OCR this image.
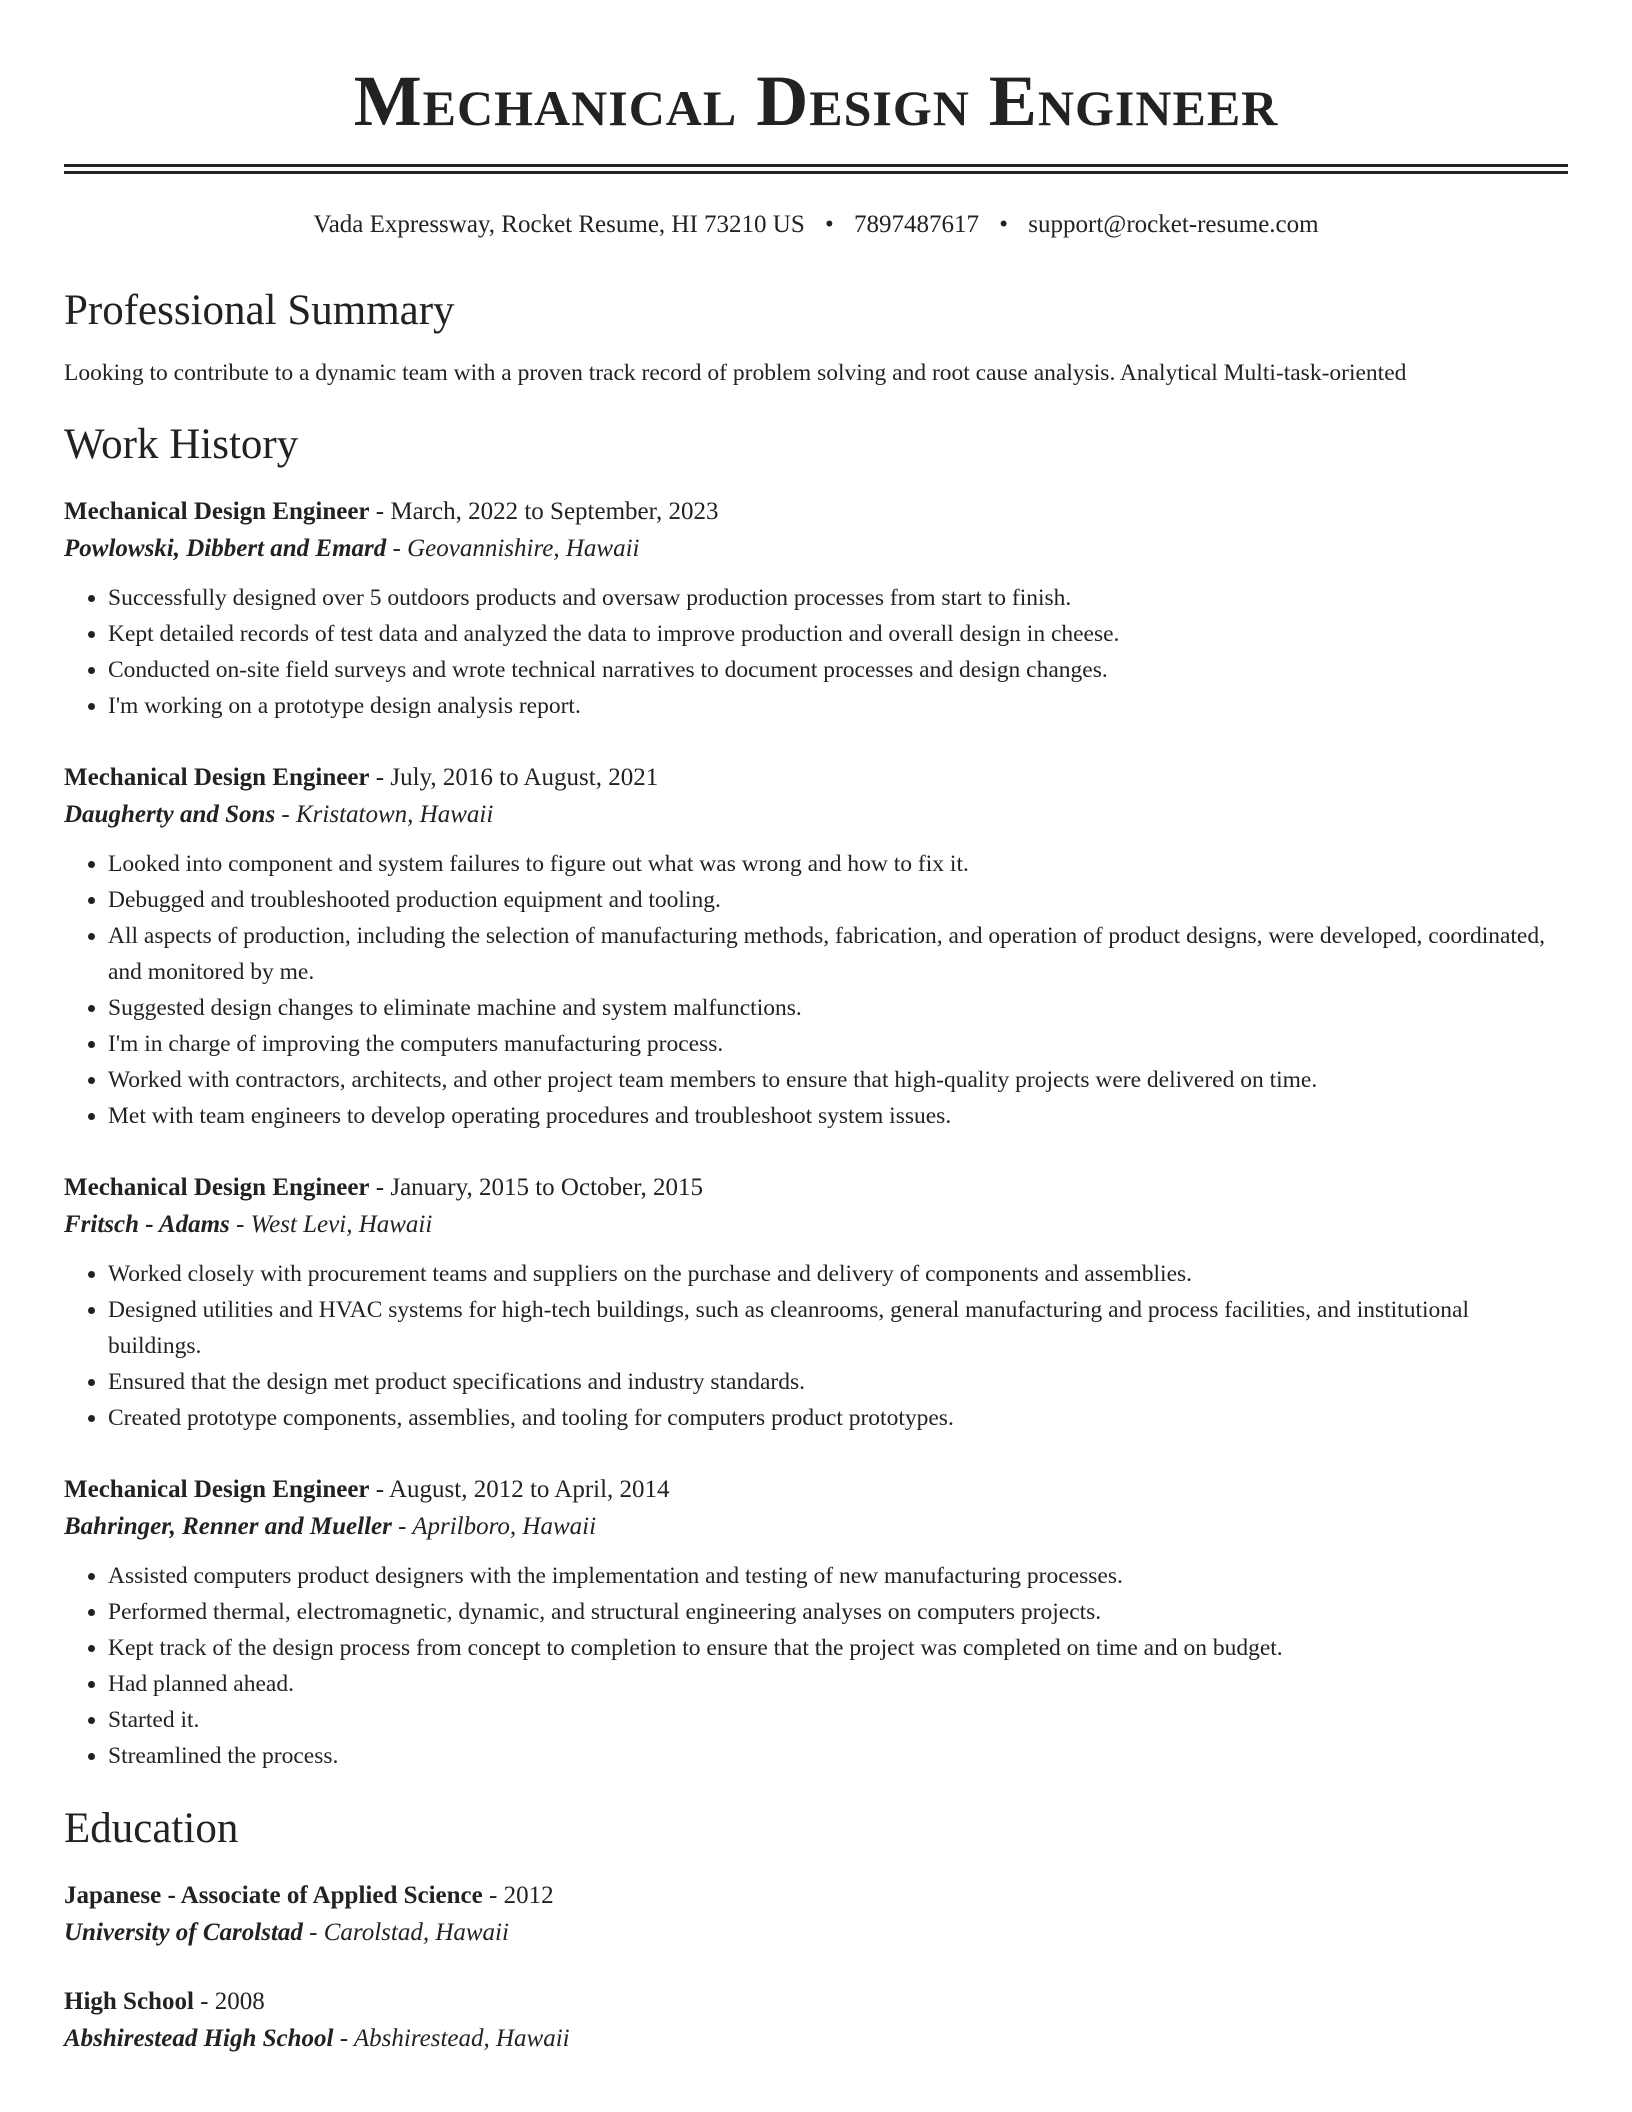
Mechanical Design Engineer
Vada Expressway, Rocket Resume, HI 73210 US • 7897487617 • support@rocket-resume.com
Professional Summary
Looking to contribute to a dynamic team with a proven track record of problem solving and root cause analysis. Analytical Multi-task-oriented
Work History
Mechanical Design Engineer - March, 2022 to September, 2023
Powlowski, Dibbert and Emard - Geovannishire, Hawaii
• Successfully designed over 5 outdoors products and oversaw production processes from start to finish.
• Kept detailed records of test data and analyzed the data to improve production and overall design in cheese.
• Conducted on-site field surveys and wrote technical narratives to document processes and design changes.
• I'm working on a prototype design analysis report.
Mechanical Design Engineer - July, 2016 to August, 2021
Daugherty and Sons - Kristatown, Hawaii
• Looked into component and system failures to figure out what was wrong and how to fix it.
• Debugged and troubleshooted production equipment and tooling.
• All aspects of production, including the selection of manufacturing methods, fabrication, and operation of product designs, were developed, coordinated, and monitored by me.
• Suggested design changes to eliminate machine and system malfunctions.
• I'm in charge of improving the computers manufacturing process.
• Worked with contractors, architects, and other project team members to ensure that high-quality projects were delivered on time.
• Met with team engineers to develop operating procedures and troubleshoot system issues.
Mechanical Design Engineer - January, 2015 to October, 2015
Fritsch - Adams - West Levi, Hawaii
• Worked closely with procurement teams and suppliers on the purchase and delivery of components and assemblies.
• Designed utilities and HVAC systems for high-tech buildings, such as cleanrooms, general manufacturing and process facilities, and institutional buildings.
• Ensured that the design met product specifications and industry standards.
• Created prototype components, assemblies, and tooling for computers product prototypes.
Mechanical Design Engineer - August, 2012 to April, 2014
Bahringer, Renner and Mueller - Aprilboro, Hawaii
• Assisted computers product designers with the implementation and testing of new manufacturing processes.
• Performed thermal, electromagnetic, dynamic, and structural engineering analyses on computers projects.
• Kept track of the design process from concept to completion to ensure that the project was completed on time and on budget.
• Had planned ahead.
• Started it.
• Streamlined the process.
Education
Japanese - Associate of Applied Science - 2012
University of Carolstad - Carolstad, Hawaii
High School - 2008
Abshirestead High School - Abshirestead, Hawaii
